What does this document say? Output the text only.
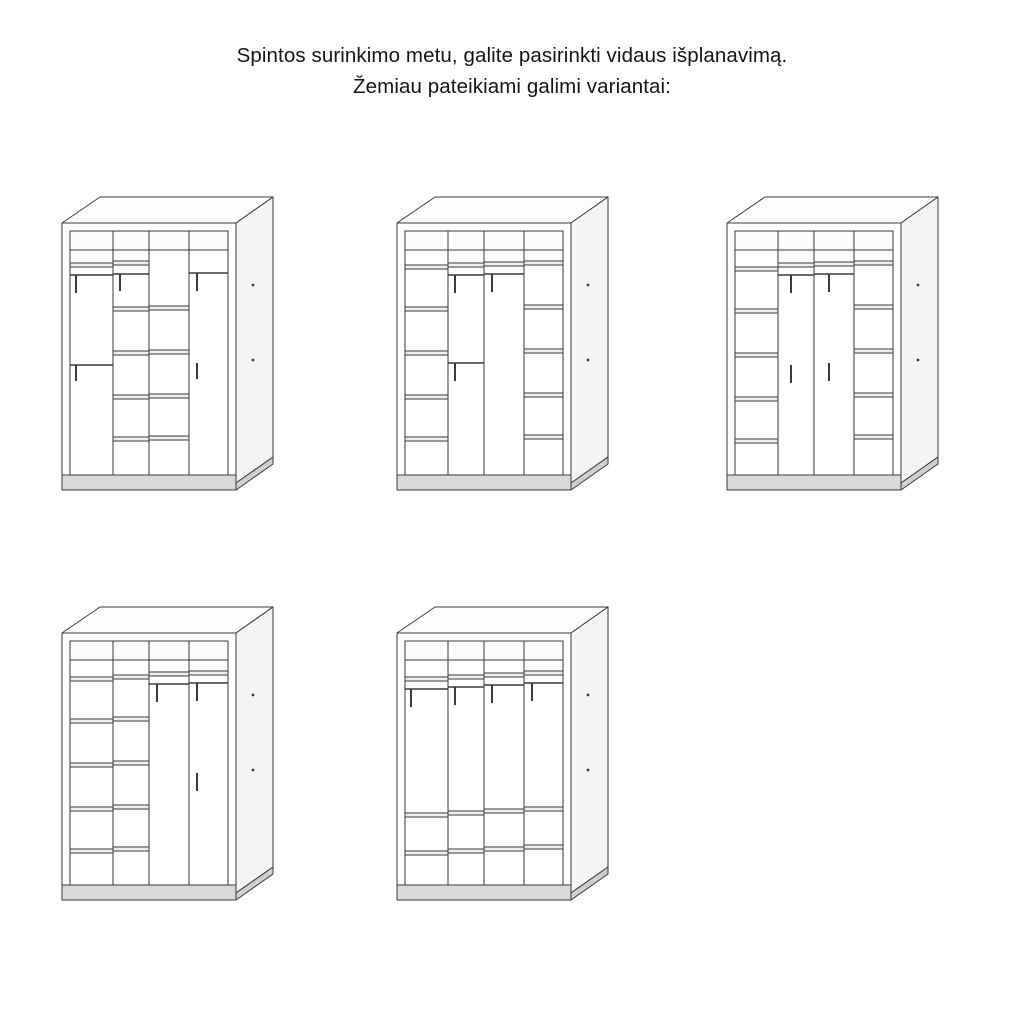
Spintos surinkimo metu, galite pasirinkti vidaus išplanavimą.
Žemiau pateikiami galimi variantai:
